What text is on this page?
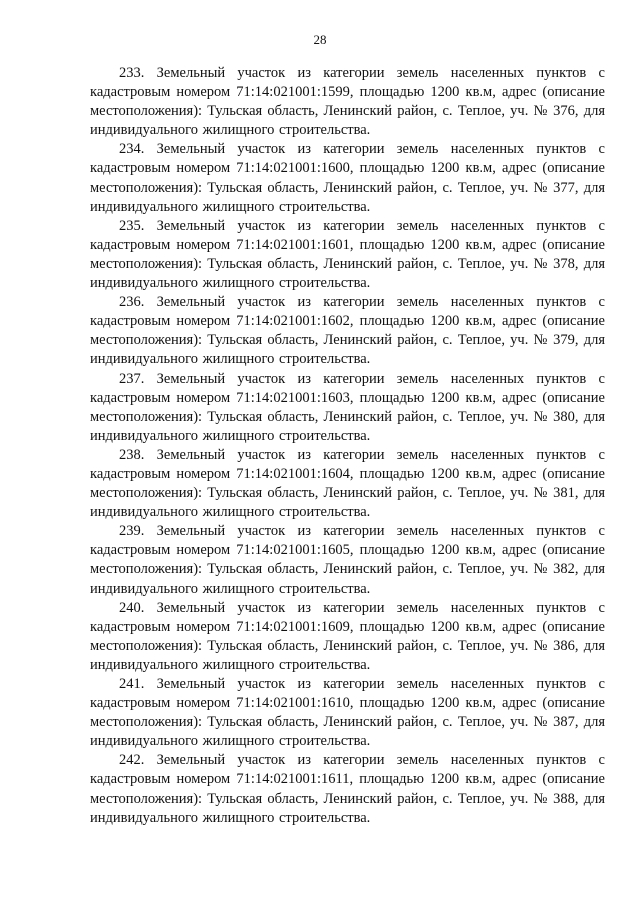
28

233. Земельный участок из категории земель населенных пунктов с кадастровым номером 71:14:021001:1599, площадью 1200 кв.м, адрес (описание местоположения): Тульская область, Ленинский район, с. Теплое, уч. № 376, для индивидуального жилищного строительства.

234. Земельный участок из категории земель населенных пунктов с кадастровым номером 71:14:021001:1600, площадью 1200 кв.м, адрес (описание местоположения): Тульская область, Ленинский район, с. Теплое, уч. № 377, для индивидуального жилищного строительства.

235. Земельный участок из категории земель населенных пунктов с кадастровым номером 71:14:021001:1601, площадью 1200 кв.м, адрес (описание местоположения): Тульская область, Ленинский район, с. Теплое, уч. № 378, для индивидуального жилищного строительства.

236. Земельный участок из категории земель населенных пунктов с кадастровым номером 71:14:021001:1602, площадью 1200 кв.м, адрес (описание местоположения): Тульская область, Ленинский район, с. Теплое, уч. № 379, для индивидуального жилищного строительства.

237. Земельный участок из категории земель населенных пунктов с кадастровым номером 71:14:021001:1603, площадью 1200 кв.м, адрес (описание местоположения): Тульская область, Ленинский район, с. Теплое, уч. № 380, для индивидуального жилищного строительства.

238. Земельный участок из категории земель населенных пунктов с кадастровым номером 71:14:021001:1604, площадью 1200 кв.м, адрес (описание местоположения): Тульская область, Ленинский район, с. Теплое, уч. № 381, для индивидуального жилищного строительства.

239. Земельный участок из категории земель населенных пунктов с кадастровым номером 71:14:021001:1605, площадью 1200 кв.м, адрес (описание местоположения): Тульская область, Ленинский район, с. Теплое, уч. № 382, для индивидуального жилищного строительства.

240. Земельный участок из категории земель населенных пунктов с кадастровым номером 71:14:021001:1609, площадью 1200 кв.м, адрес (описание местоположения): Тульская область, Ленинский район, с. Теплое, уч. № 386, для индивидуального жилищного строительства.

241. Земельный участок из категории земель населенных пунктов с кадастровым номером 71:14:021001:1610, площадью 1200 кв.м, адрес (описание местоположения): Тульская область, Ленинский район, с. Теплое, уч. № 387, для индивидуального жилищного строительства.

242. Земельный участок из категории земель населенных пунктов с кадастровым номером 71:14:021001:1611, площадью 1200 кв.м, адрес (описание местоположения): Тульская область, Ленинский район, с. Теплое, уч. № 388, для индивидуального жилищного строительства.
